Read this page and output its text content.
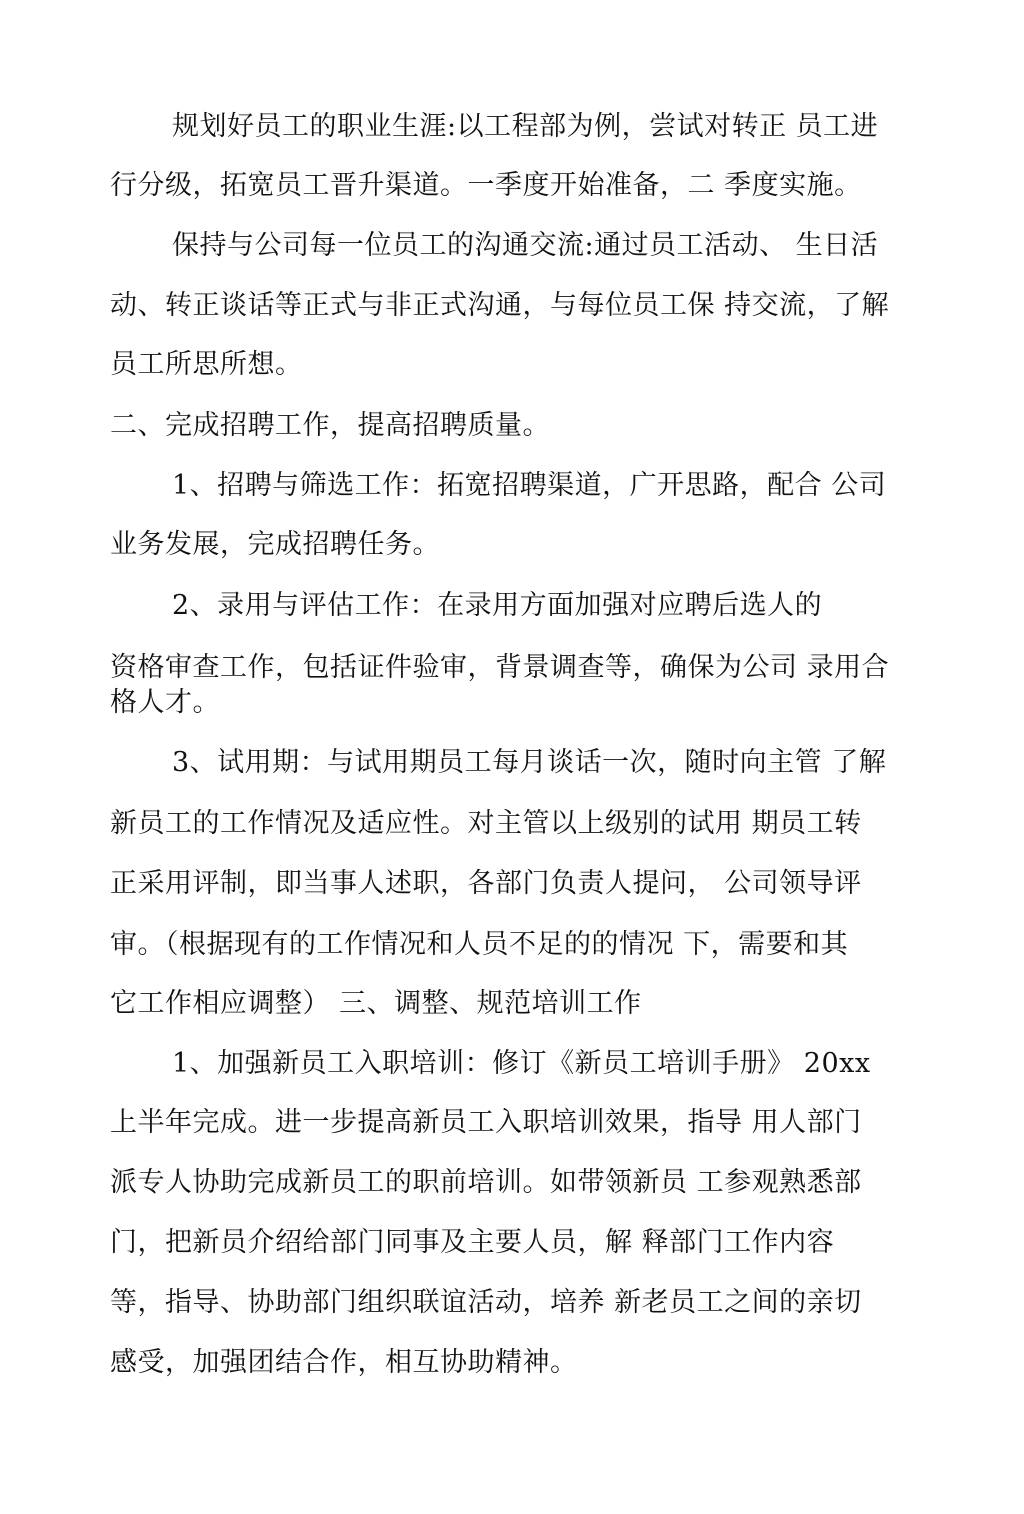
规划好员工的职业生涯:以工程部为例，尝试对转正 员工进
行分级，拓宽员工晋升渠道。一季度开始准备，二 季度实施。
保持与公司每一位员工的沟通交流:通过员工活动、 生日活
动、转正谈话等正式与非正式沟通，与每位员工保 持交流，了解
员工所思所想。
二、完成招聘工作，提高招聘质量。
1、招聘与筛选工作：拓宽招聘渠道，广开思路，配合 公司
业务发展，完成招聘任务。
2、录用与评估工作：在录用方面加强对应聘后选人的
资格审查工作，包括证件验审，背景调查等，确保为公司 录用合
格人才。
3、试用期：与试用期员工每月谈话一次，随时向主管 了解
新员工的工作情况及适应性。对主管以上级别的试用 期员工转
正采用评制，即当事人述职，各部门负责人提问， 公司领导评
审。（根据现有的工作情况和人员不足的的情况 下，需要和其
它工作相应调整） 三、调整、规范培训工作
1、加强新员工入职培训：修订《新员工培训手册》 20xx
上半年完成。进一步提高新员工入职培训效果，指导 用人部门
派专人协助完成新员工的职前培训。如带领新员 工参观熟悉部
门，把新员介绍给部门同事及主要人员，解 释部门工作内容
等，指导、协助部门组织联谊活动，培养 新老员工之间的亲切
感受，加强团结合作，相互协助精神。
